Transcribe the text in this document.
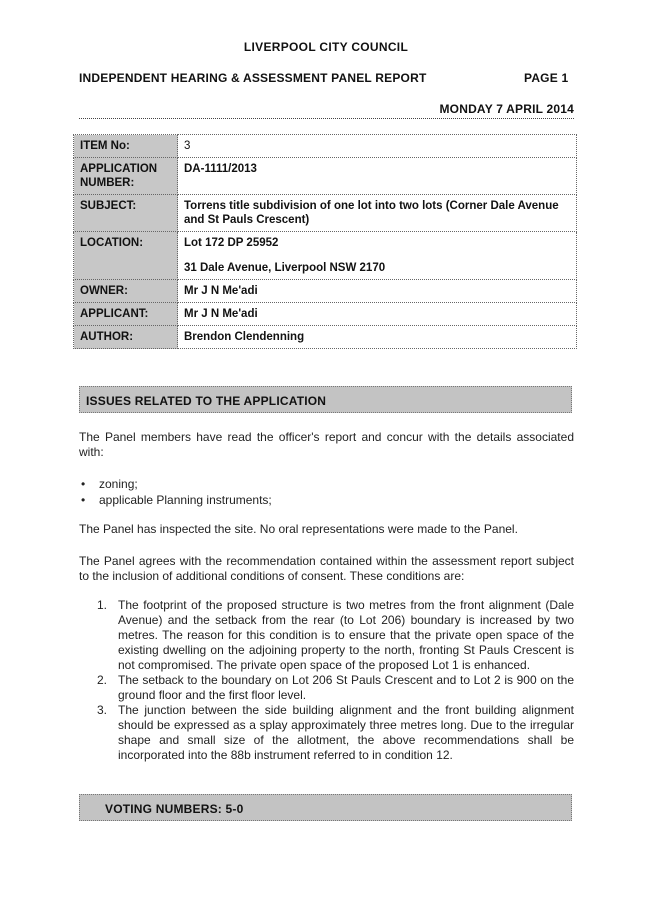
LIVERPOOL CITY COUNCIL
INDEPENDENT HEARING & ASSESSMENT PANEL REPORT	PAGE 1
MONDAY 7 APRIL 2014
ITEM No:	3
APPLICATION NUMBER:	DA-1111/2013
SUBJECT:	Torrens title subdivision of one lot into two lots (Corner Dale Avenue and St Pauls Crescent)
LOCATION:	Lot 172 DP 25952
31 Dale Avenue, Liverpool NSW 2170

OWNER:	Mr J N Me'adi
APPLICANT:	Mr J N Me'adi
AUTHOR:	Brendon Clendenning
ISSUES RELATED TO THE APPLICATION
The Panel members have read the officer's report and concur with the details associated with:
• zoning;
• applicable Planning instruments;
The Panel has inspected the site. No oral representations were made to the Panel.
The Panel agrees with the recommendation contained within the assessment report subject to the inclusion of additional conditions of consent. These conditions are:
1. The footprint of the proposed structure is two metres from the front alignment (Dale Avenue) and the setback from the rear (to Lot 206) boundary is increased by two metres. The reason for this condition is to ensure that the private open space of the existing dwelling on the adjoining property to the north, fronting St Pauls Crescent is not compromised. The private open space of the proposed Lot 1 is enhanced.
2. The setback to the boundary on Lot 206 St Pauls Crescent and to Lot 2 is 900 on the ground floor and the first floor level.
3. The junction between the side building alignment and the front building alignment should be expressed as a splay approximately three metres long. Due to the irregular shape and small size of the allotment, the above recommendations shall be incorporated into the 88b instrument referred to in condition 12.
VOTING NUMBERS: 5-0
